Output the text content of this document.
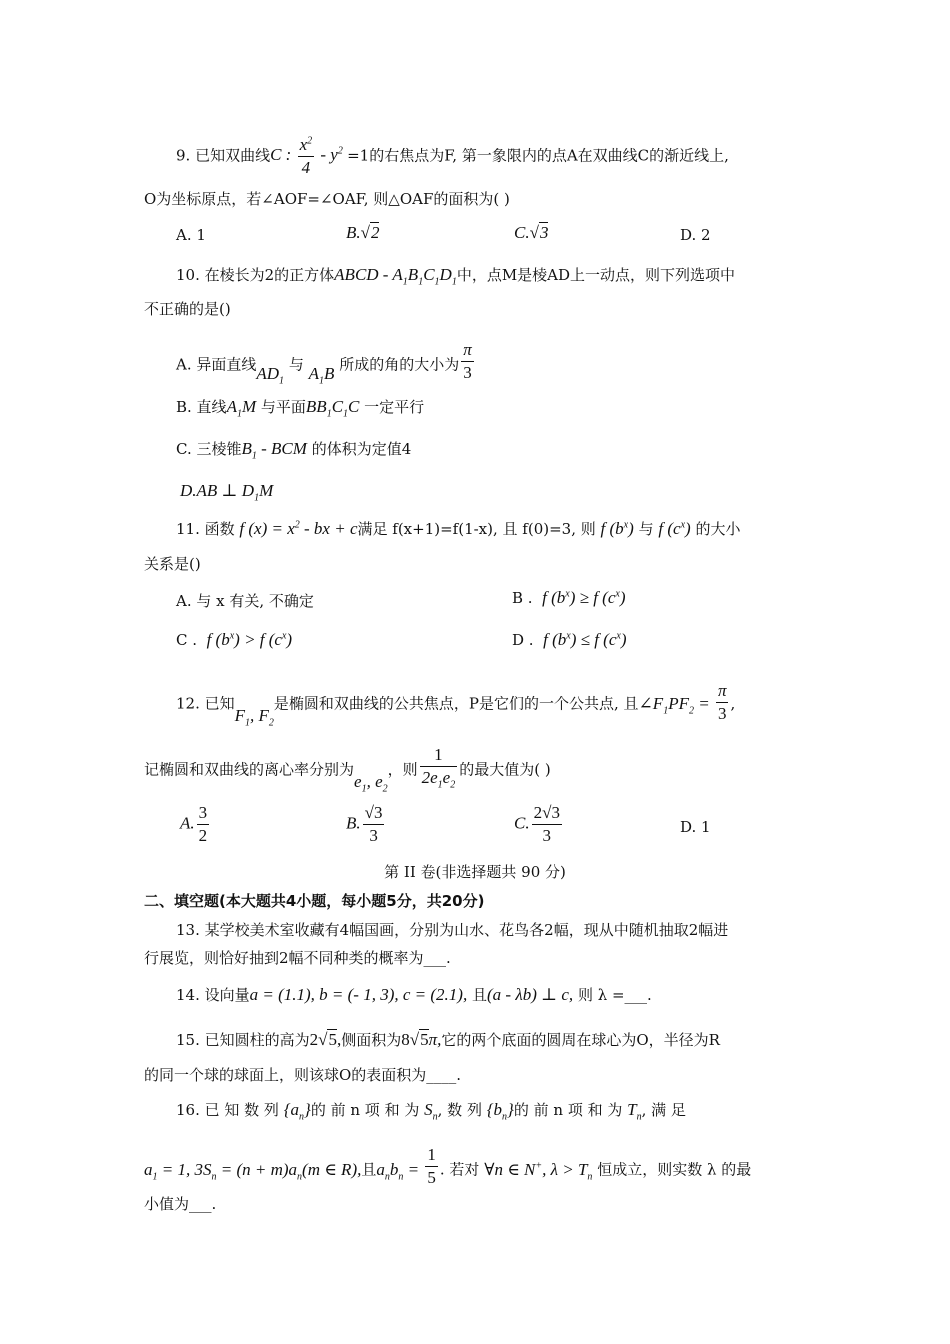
9. 已知双曲线C : $\frac{x^2}{4} - y^2 =1$的右焦点为F, 第一象限内的点A在双曲线C的渐近线上,
O为坐标原点，若∠AOF=∠OAF, 则△OAF的面积为( )
A. 1	B.√2	C.√3	D. 2
10. 在棱长为2的正方体ABCD - $A_1B_1C_1D_1$中，点M是棱AD上一动点，则下列选项中
不正确的是()
A. 异面直线$AD_1$ 与 $A_1B$ 所成的角的大小为 $\frac{\pi}{3}$
B. 直线$A_1M$ 与平面$BB_1C_1C$ 一定平行
C. 三棱锥$B_1$ - BCM 的体积为定值4
D.AB ⊥ $D_1M$
11. 函数 f $(x) = x^2$ - bx + c满足 f(x+1)=f(1-x), 且 f(0)=3, 则 f $(b^x)$ 与 f $(c^x)$ 的大小
关系是()
A. 与 x 有关, 不确定	B . f $(b^x) \ge f$ $(c^x)$
C . f $(b^x) > f$ $(c^x)$	D . f $(b^x) \le f$ $(c^x)$
12. 已知$F_1$, $F_2$是椭圆和双曲线的公共焦点，P是它们的一个公共点, 且$\angle F_1PF_2 = \frac{\pi}{3}$ ,
记椭圆和双曲线的离心率分别为$e_1$, $e_2$，则 $\frac{1}{2e_1e_2}$ 的最大值为( )
A. $\frac{3}{2}$	B. $\frac{√3}{3}$	C. $\frac{2√3}{3}$	D. 1
第 II 卷(非选择题共 90 分)
二、填空题(本大题共4小题，每小题5分，共20分)
13. 某学校美术室收藏有4幅国画，分别为山水、花鸟各2幅，现从中随机抽取2幅进
行展览，则恰好抽到2幅不同种类的概率为___.
14. 设向量a = (1.1), b = (- 1, 3), c = (2.1), 且(a - λb) ⊥ c, 则 λ =___.
15. 已知圆柱的高为2√5,侧面积为8√5π,它的两个底面的圆周在球心为O，半径为R
的同一个球的球面上，则该球O的表面积为____.
16. 已 知 数 列 $\{a_n\}$的 前 n 项 和 为 $S_n$, 数 列 $\{b_n\}$的 前 n 项 和 为 $T_n$, 满 足
$a_1 = 1$, $3S_n = (n + m)a_n(m$ ∈ R),且$a_nb_n = \frac{1}{5}$ . 若对 ∀n ∈ N+, $\lambda > T_n$ 恒成立，则实数 λ 的最
小值为___.
